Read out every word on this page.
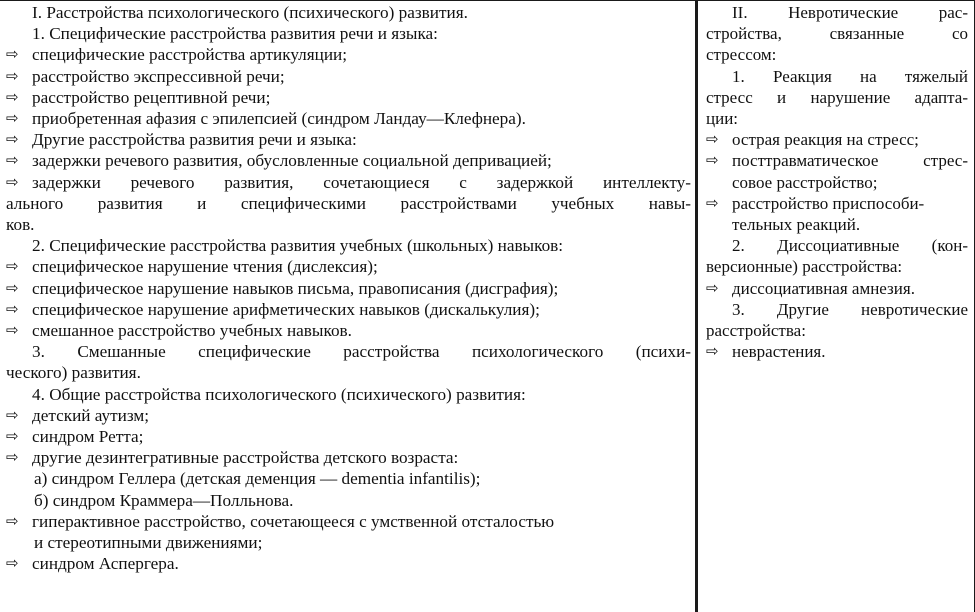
I. Расстройства психологического (психического) развития.
1. Специфические расстройства развития речи и языка:
⇨ специфические расстройства артикуляции;
⇨ расстройство экспрессивной речи;
⇨ расстройство рецептивной речи;
⇨ приобретенная афазия с эпилепсией (синдром Ландау—Клефнера).
⇨ Другие расстройства развития речи и языка:
⇨ задержки речевого развития, обусловленные социальной депривацией;
⇨ задержки речевого развития, сочетающиеся с задержкой интеллекту-
ального развития и специфическими расстройствами учебных навы-
ков.
2. Специфические расстройства развития учебных (школьных) навыков:
⇨ специфическое нарушение чтения (дислексия);
⇨ специфическое нарушение навыков письма, правописания (дисграфия);
⇨ специфическое нарушение арифметических навыков (дискалькулия);
⇨ смешанное расстройство учебных навыков.
3. Смешанные специфические расстройства психологического (психи-
ческого) развития.
4. Общие расстройства психологического (психического) развития:
⇨ детский аутизм;
⇨ синдром Ретта;
⇨ другие дезинтегративные расстройства детского возраста:
а) синдром Геллера (детская деменция — dementia infantilis);
б) синдром Краммера—Полльнова.
⇨ гиперактивное расстройство, сочетающееся с умственной отсталостью
и стереотипными движениями;
⇨ синдром Аспергера.
II. Невротические рас-
стройства, связанные со
стрессом:
1. Реакция на тяжелый
стресс и нарушение адапта-
ции:
⇨ острая реакция на стресс;
⇨ посттравматическое стрес-
совое расстройство;
⇨ расстройство приспособи-
тельных реакций.
2. Диссоциативные (кон-
версионные) расстройства:
⇨ диссоциативная амнезия.
3. Другие невротические
расстройства:
⇨ неврастения.
